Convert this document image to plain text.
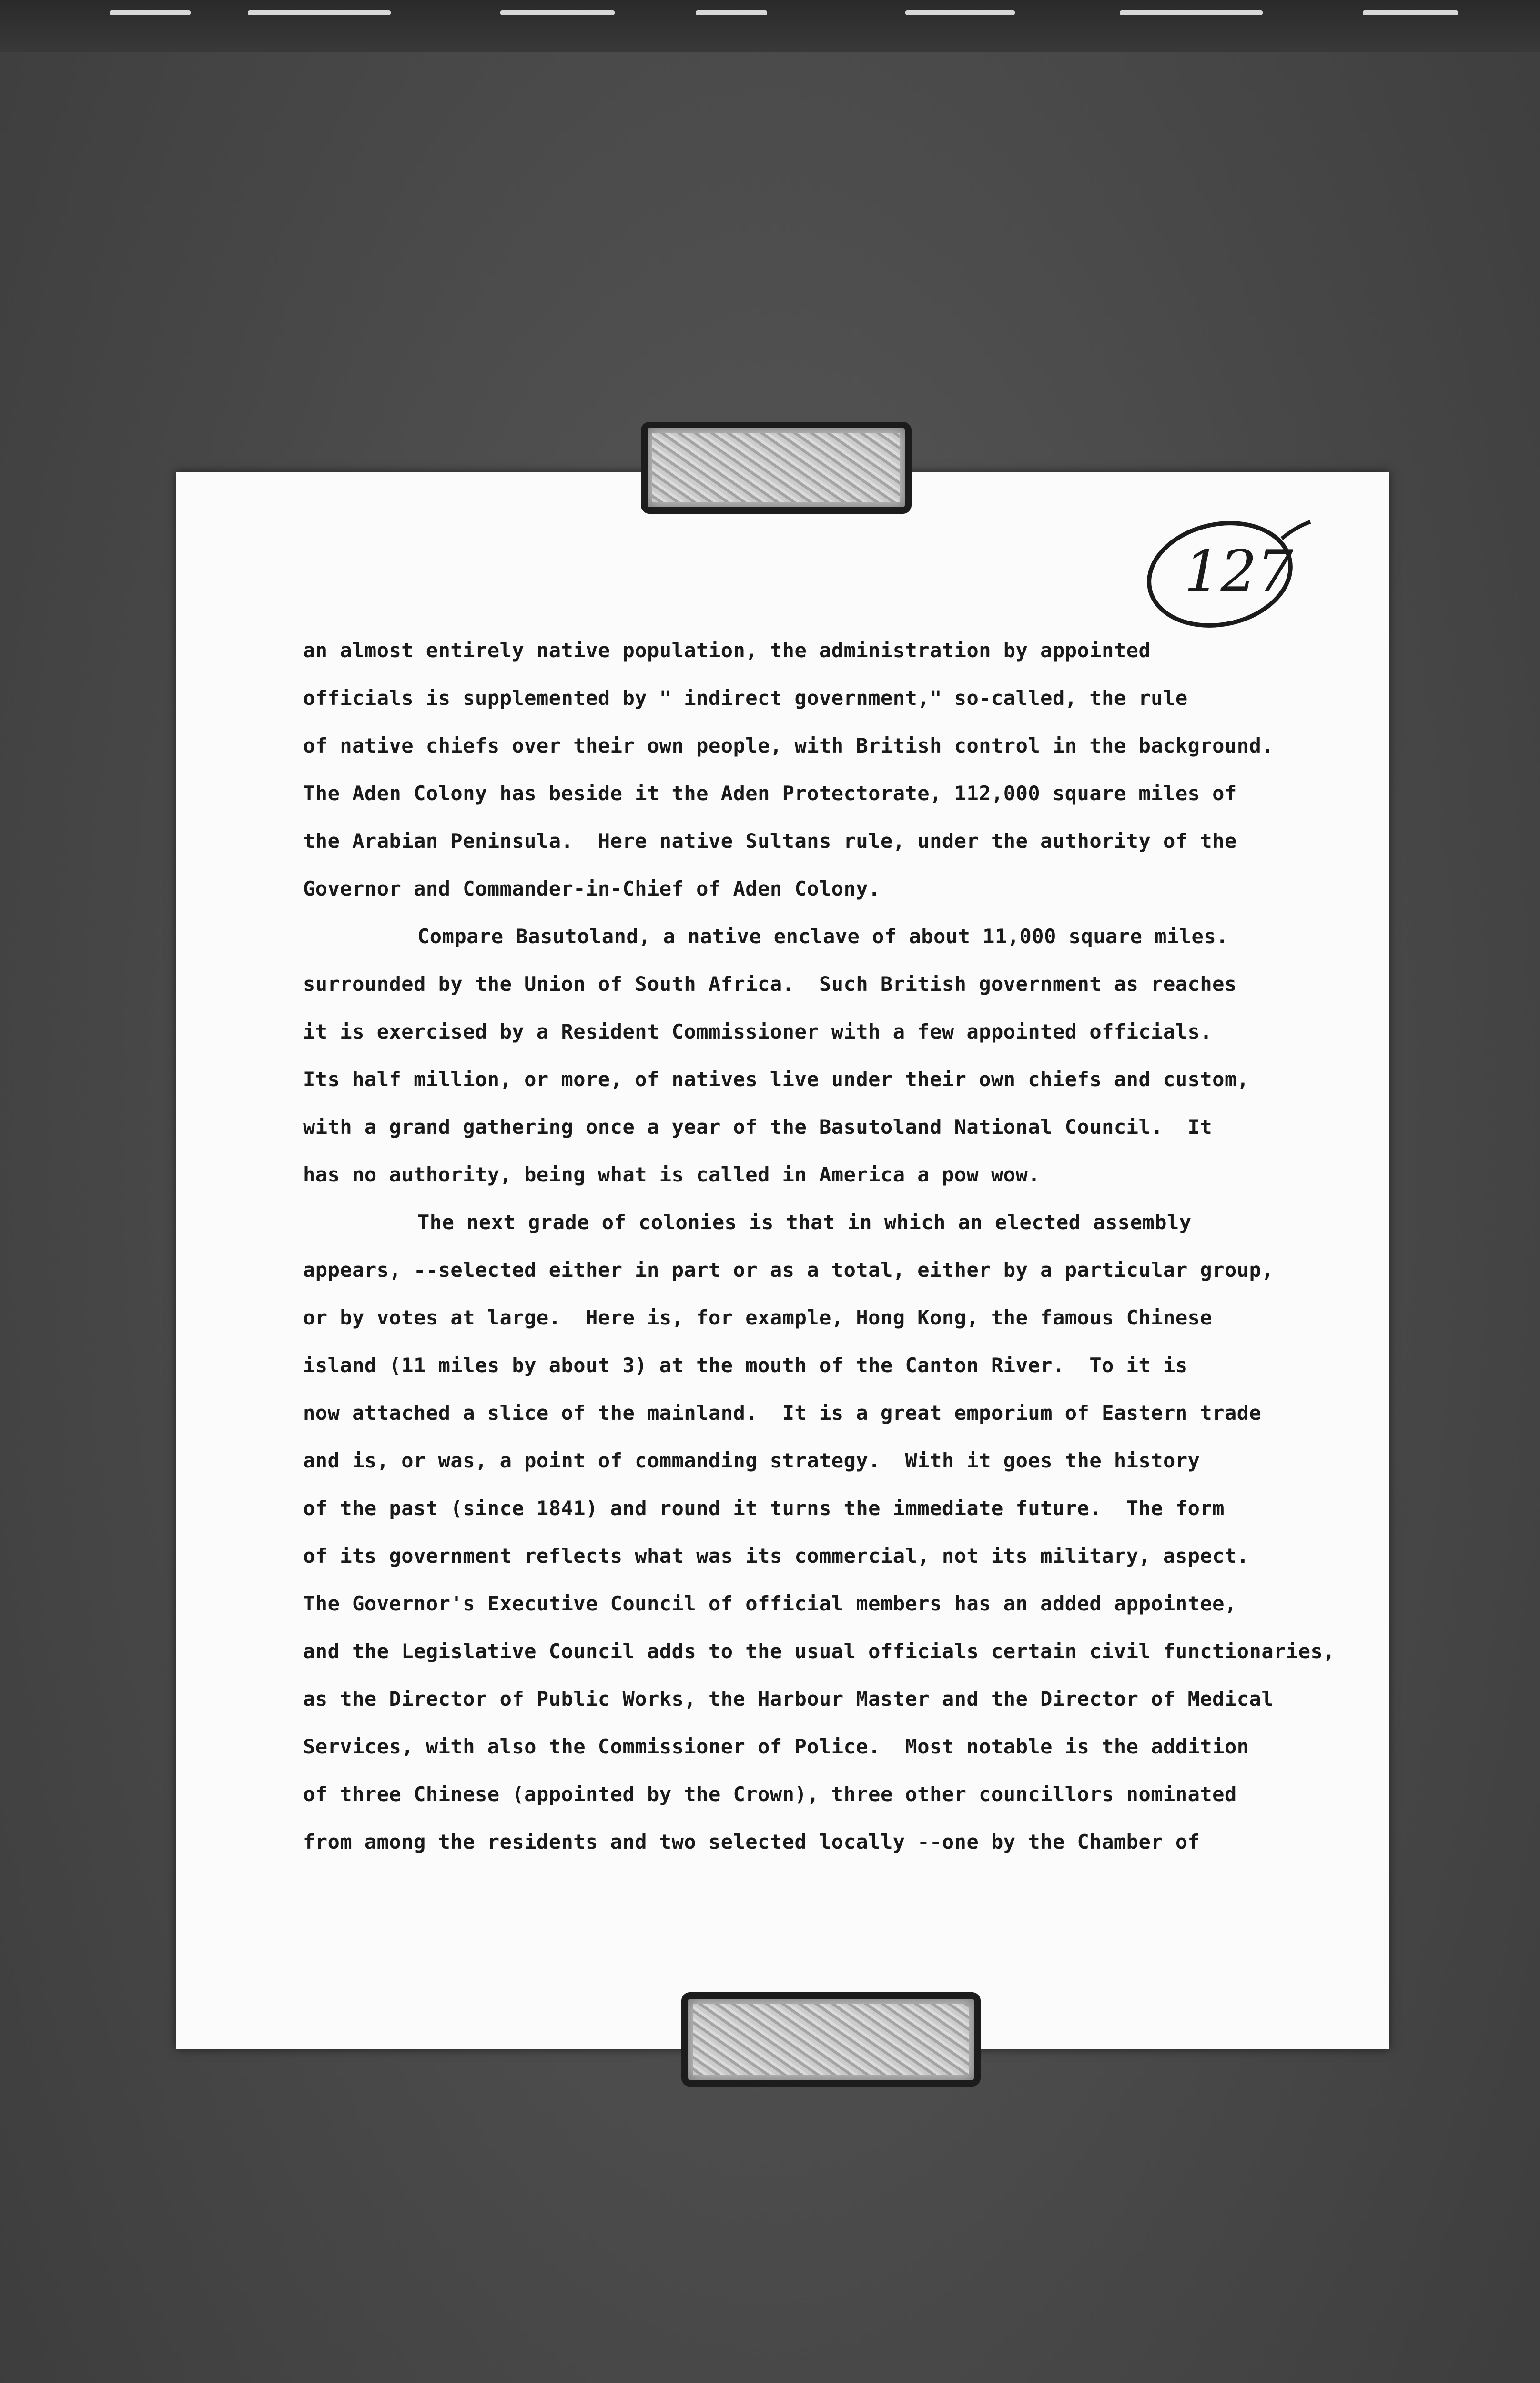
127
an almost entirely native population, the administration by appointed
officials is supplemented by " indirect government," so-called, the rule
of native chiefs over their own people, with British control in the background.
The Aden Colony has beside it the Aden Protectorate, 112,000 square miles of
the Arabian Peninsula.  Here native Sultans rule, under the authority of the
Governor and Commander-in-Chief of Aden Colony.
Compare Basutoland, a native enclave of about 11,000 square miles.
surrounded by the Union of South Africa.  Such British government as reaches
it is exercised by a Resident Commissioner with a few appointed officials.
Its half million, or more, of natives live under their own chiefs and custom,
with a grand gathering once a year of the Basutoland National Council.  It
has no authority, being what is called in America a pow wow.
The next grade of colonies is that in which an elected assembly
appears, --selected either in part or as a total, either by a particular group,
or by votes at large.  Here is, for example, Hong Kong, the famous Chinese
island (11 miles by about 3) at the mouth of the Canton River.  To it is
now attached a slice of the mainland.  It is a great emporium of Eastern trade
and is, or was, a point of commanding strategy.  With it goes the history
of the past (since 1841) and round it turns the immediate future.  The form
of its government reflects what was its commercial, not its military, aspect.
The Governor's Executive Council of official members has an added appointee,
and the Legislative Council adds to the usual officials certain civil functionaries,
as the Director of Public Works, the Harbour Master and the Director of Medical
Services, with also the Commissioner of Police.  Most notable is the addition
of three Chinese (appointed by the Crown), three other councillors nominated
from among the residents and two selected locally --one by the Chamber of
